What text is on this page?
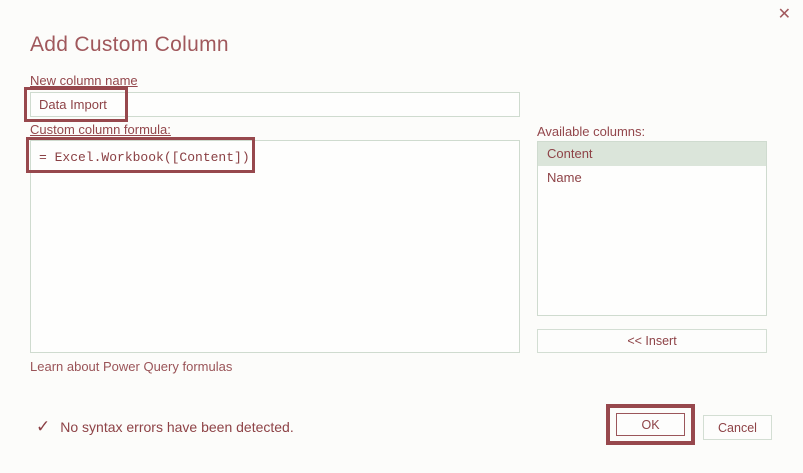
✕
Add Custom Column
New column name
Data Import
Custom column formula:
= Excel.Workbook([Content])
Available columns:
Content
Name
<< Insert
Learn about Power Query formulas
✓ No syntax errors have been detected.	OK	Cancel
